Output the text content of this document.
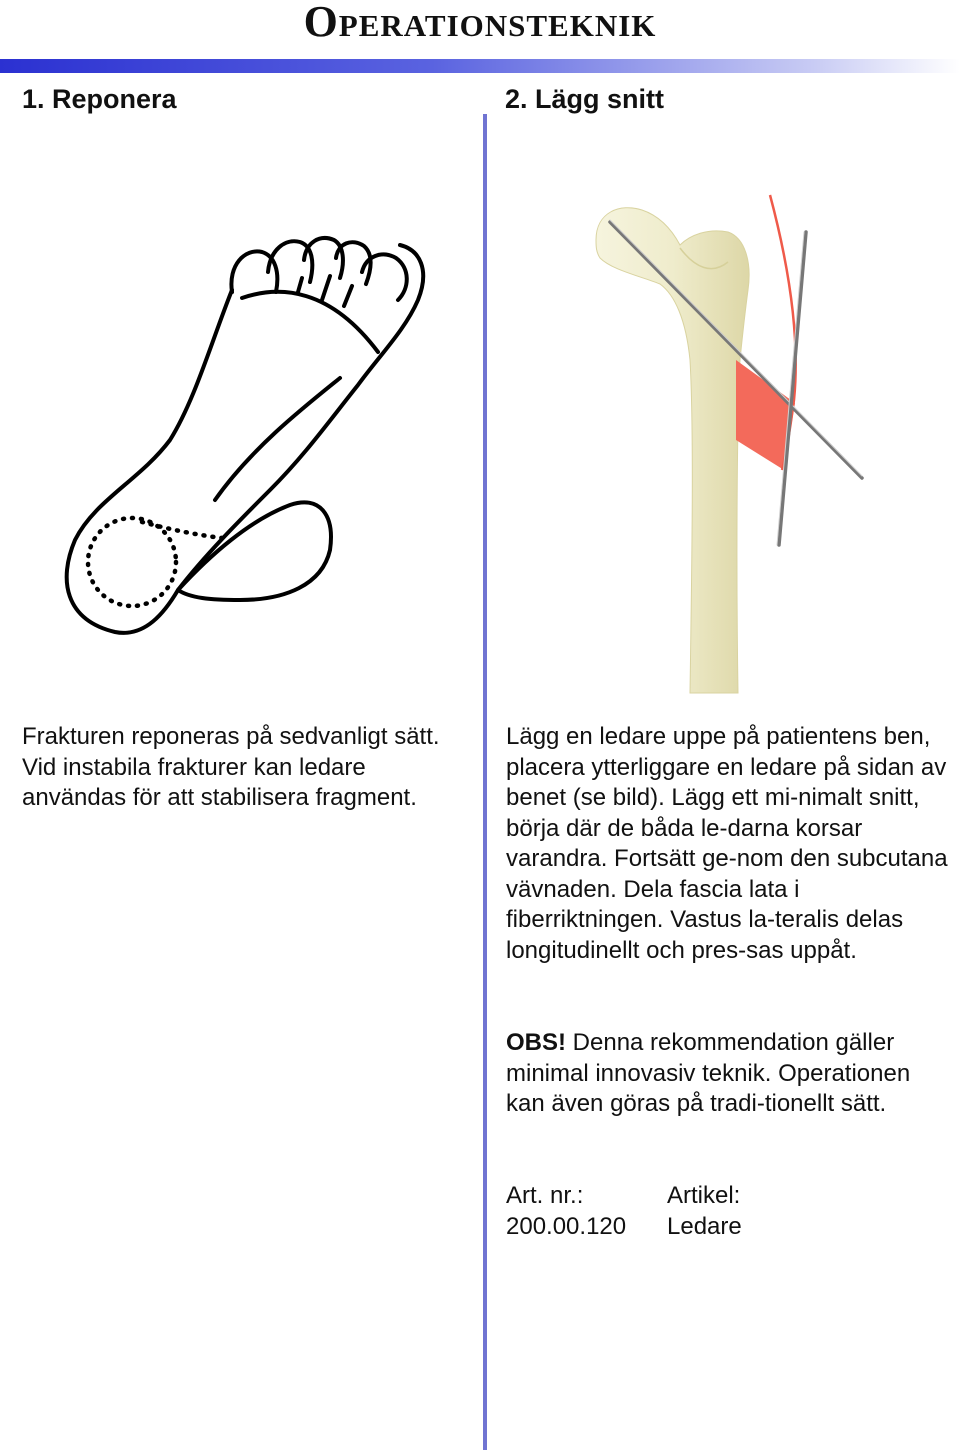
Operationsteknik
1. Reponera	2. Lägg snitt

Frakturen reponeras på sedvanligt sätt. Vid instabila frakturer kan ledare användas för att stabilisera fragment.

Lägg en ledare uppe på patientens ben, placera ytterliggare en ledare på sidan av benet (se bild). Lägg ett mi-nimalt snitt, börja där de båda le-darna korsar varandra. Fortsätt ge-nom den subcutana vävnaden. Dela fascia lata i fiberriktningen. Vastus la-teralis delas longitudinellt och pres-sas uppåt.

OBS! Denna rekommendation gäller minimal innovasiv teknik. Operationen kan även göras på tradi-tionellt sätt.

Art. nr.:	Artikel:
200.00.120	Ledare
